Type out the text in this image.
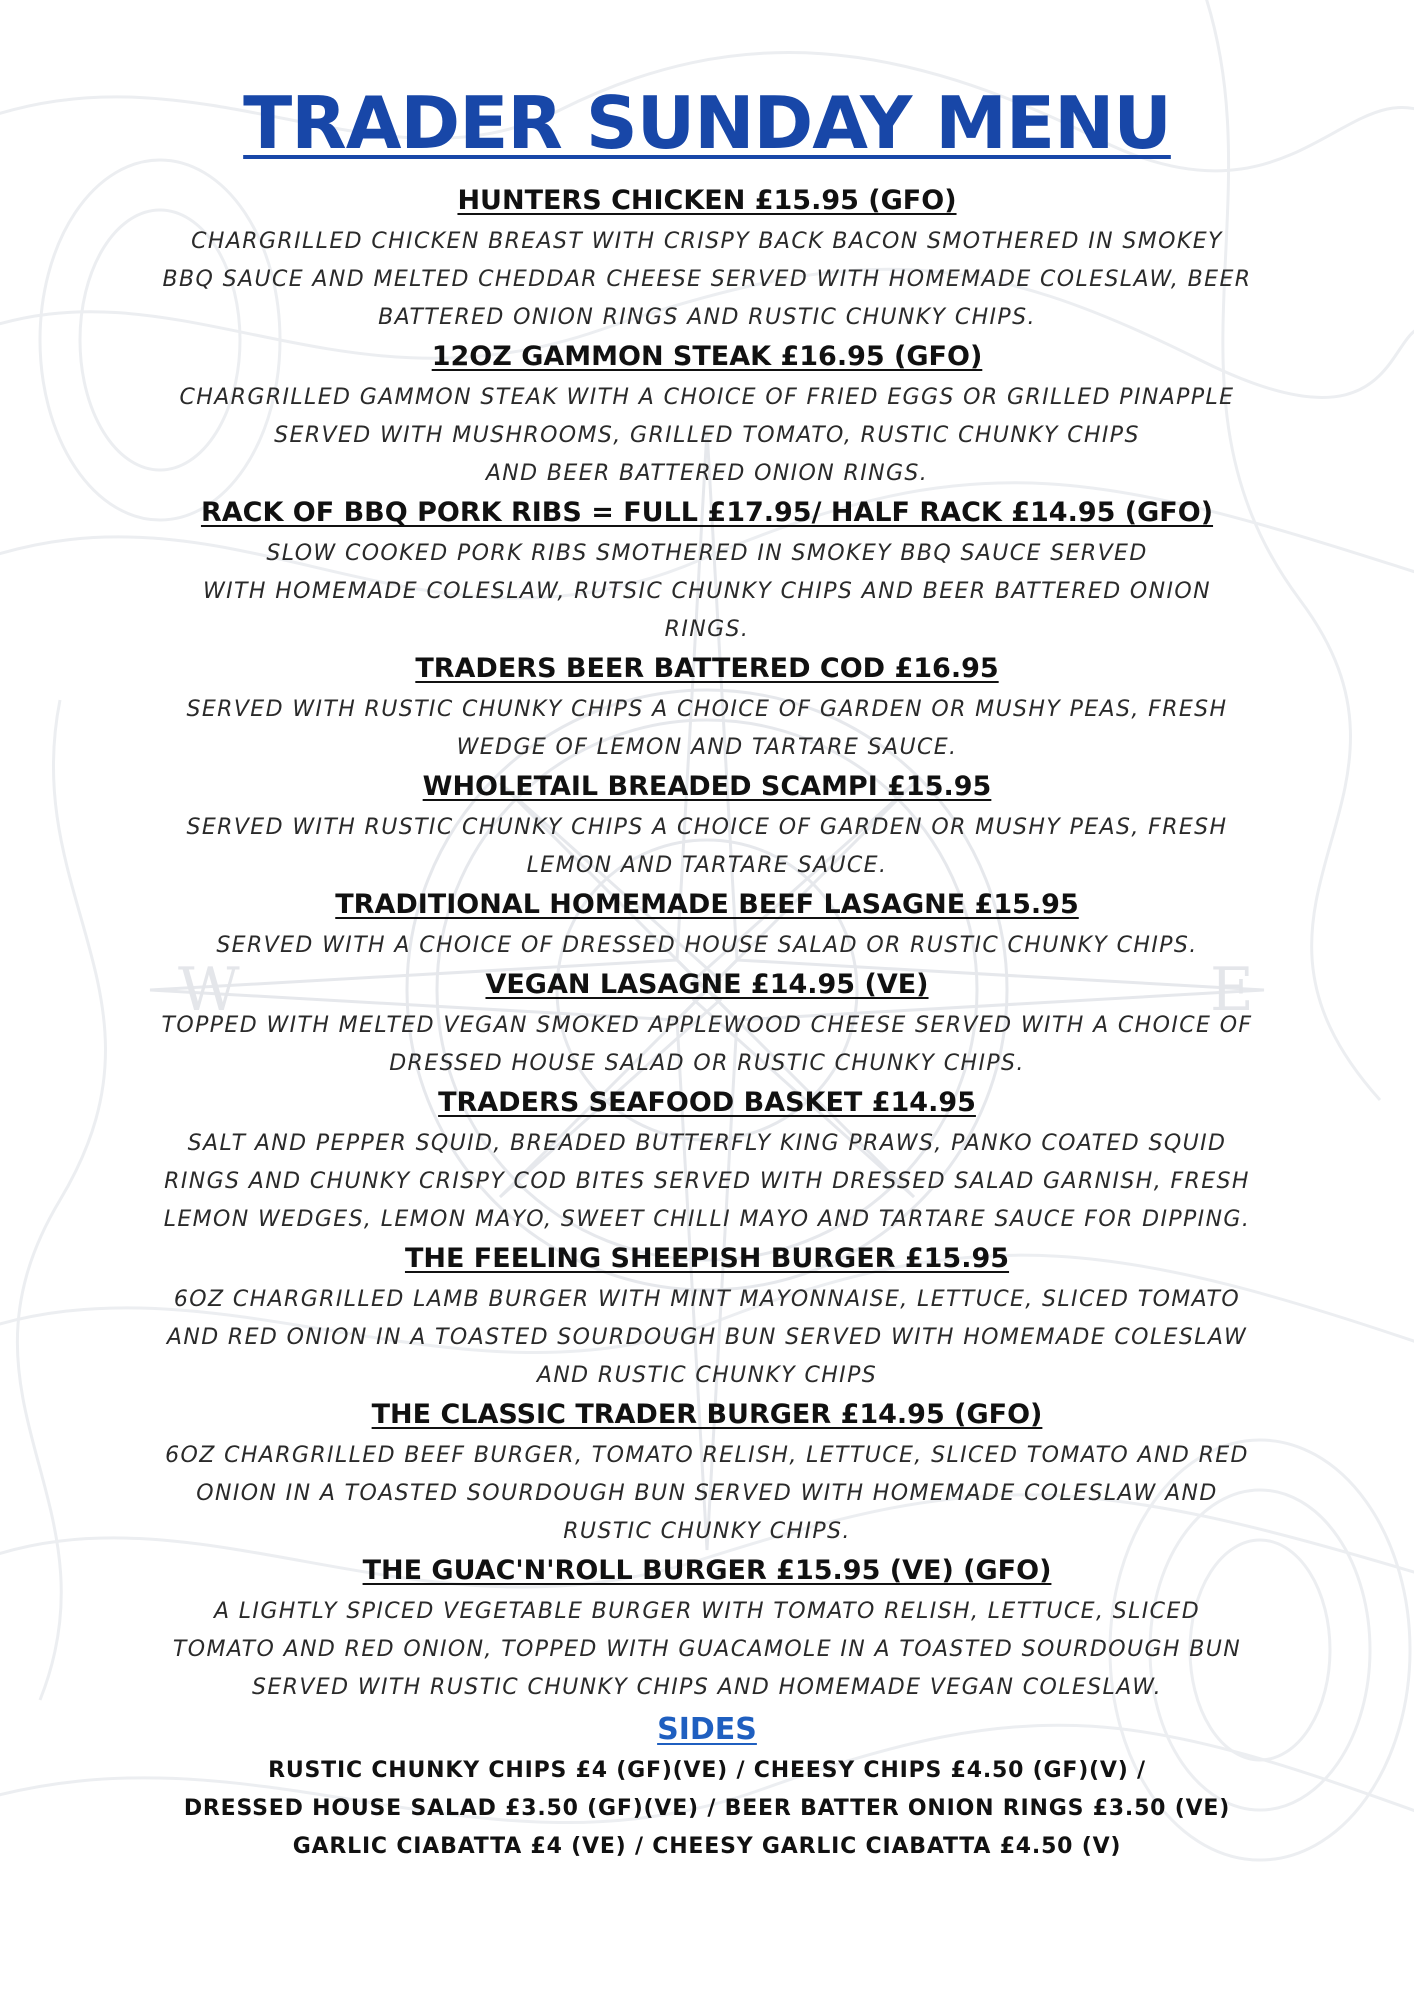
W	E
TRADER SUNDAY MENU
HUNTERS CHICKEN £15.95 (GFO)
CHARGRILLED CHICKEN BREAST WITH CRISPY BACK BACON SMOTHERED IN SMOKEY
BBQ SAUCE AND MELTED CHEDDAR CHEESE SERVED WITH HOMEMADE COLESLAW, BEER
BATTERED ONION RINGS AND RUSTIC CHUNKY CHIPS.
12OZ GAMMON STEAK £16.95 (GFO)
CHARGRILLED GAMMON STEAK WITH A CHOICE OF FRIED EGGS OR GRILLED PINAPPLE
SERVED WITH MUSHROOMS, GRILLED TOMATO, RUSTIC CHUNKY CHIPS
AND BEER BATTERED ONION RINGS.
RACK OF BBQ PORK RIBS = FULL £17.95/ HALF RACK £14.95 (GFO)
SLOW COOKED PORK RIBS SMOTHERED IN SMOKEY BBQ SAUCE SERVED
WITH HOMEMADE COLESLAW, RUTSIC CHUNKY CHIPS AND BEER BATTERED ONION
RINGS.
TRADERS BEER BATTERED COD £16.95
SERVED WITH RUSTIC CHUNKY CHIPS A CHOICE OF GARDEN OR MUSHY PEAS, FRESH
WEDGE OF LEMON AND TARTARE SAUCE.
WHOLETAIL BREADED SCAMPI £15.95
SERVED WITH RUSTIC CHUNKY CHIPS A CHOICE OF GARDEN OR MUSHY PEAS, FRESH
LEMON AND TARTARE SAUCE.
TRADITIONAL HOMEMADE BEEF LASAGNE £15.95
SERVED WITH A CHOICE OF DRESSED HOUSE SALAD OR RUSTIC CHUNKY CHIPS.
VEGAN LASAGNE £14.95 (VE)
TOPPED WITH MELTED VEGAN SMOKED APPLEWOOD CHEESE SERVED WITH A CHOICE OF
DRESSED HOUSE SALAD OR RUSTIC CHUNKY CHIPS.
TRADERS SEAFOOD BASKET £14.95
SALT AND PEPPER SQUID, BREADED BUTTERFLY KING PRAWS, PANKO COATED SQUID
RINGS AND CHUNKY CRISPY COD BITES SERVED WITH DRESSED SALAD GARNISH, FRESH
LEMON WEDGES, LEMON MAYO, SWEET CHILLI MAYO AND TARTARE SAUCE FOR DIPPING.
THE FEELING SHEEPISH BURGER £15.95
6OZ CHARGRILLED LAMB BURGER WITH MINT MAYONNAISE, LETTUCE, SLICED TOMATO
AND RED ONION IN A TOASTED SOURDOUGH BUN SERVED WITH HOMEMADE COLESLAW
AND RUSTIC CHUNKY CHIPS
THE CLASSIC TRADER BURGER £14.95 (GFO)
6OZ CHARGRILLED BEEF BURGER, TOMATO RELISH, LETTUCE, SLICED TOMATO AND RED
ONION IN A TOASTED SOURDOUGH BUN SERVED WITH HOMEMADE COLESLAW AND
RUSTIC CHUNKY CHIPS.
THE GUAC'N'ROLL BURGER £15.95 (VE) (GFO)
A LIGHTLY SPICED VEGETABLE BURGER WITH TOMATO RELISH, LETTUCE, SLICED
TOMATO AND RED ONION, TOPPED WITH GUACAMOLE IN A TOASTED SOURDOUGH BUN
SERVED WITH RUSTIC CHUNKY CHIPS AND HOMEMADE VEGAN COLESLAW.
SIDES
RUSTIC CHUNKY CHIPS £4 (GF)(VE) / CHEESY CHIPS £4.50 (GF)(V) /
DRESSED HOUSE SALAD £3.50 (GF)(VE) / BEER BATTER ONION RINGS £3.50 (VE)
GARLIC CIABATTA £4 (VE) / CHEESY GARLIC CIABATTA £4.50 (V)
